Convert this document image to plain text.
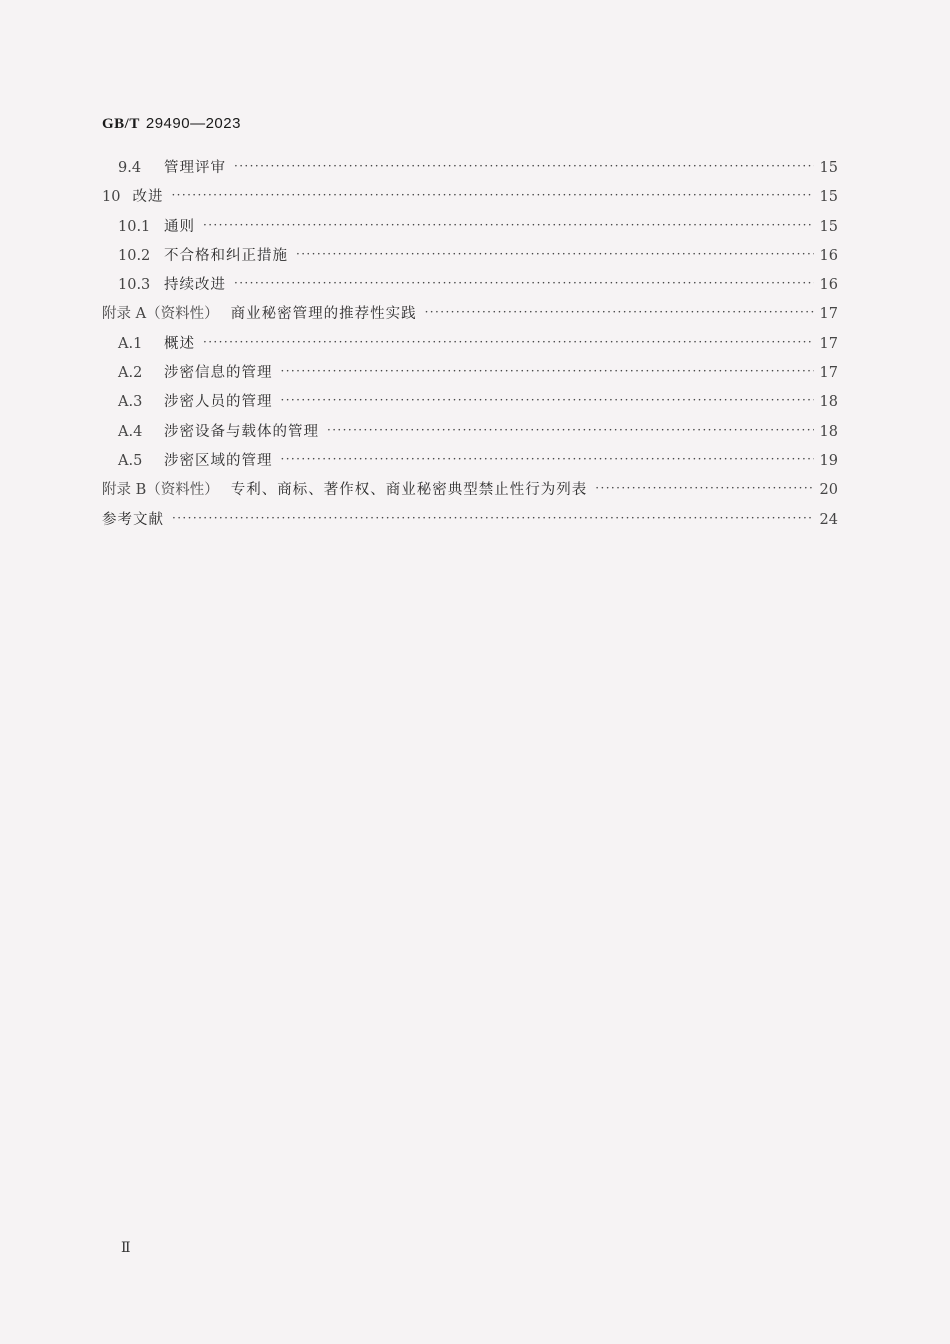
GB/T 29490—2023
9.4	管理评审 ·····	15
10 改进 ·····	15
10.1 通则 ·····	15
10.2 不合格和纠正措施 ·····	16
10.3 持续改进 ·····	16
附录 A（资料性） 商业秘密管理的推荐性实践 ·····	17
A.1	概述 ·····	17
A.2	涉密信息的管理 ·····	17
A.3	涉密人员的管理 ·····	18
A.4	涉密设备与载体的管理 ·····	18
A.5	涉密区域的管理 ·····	19
附录 B（资料性） 专利、商标、著作权、商业秘密典型禁止性行为列表 ·····	20
参考文献 ·····	24
Ⅱ
